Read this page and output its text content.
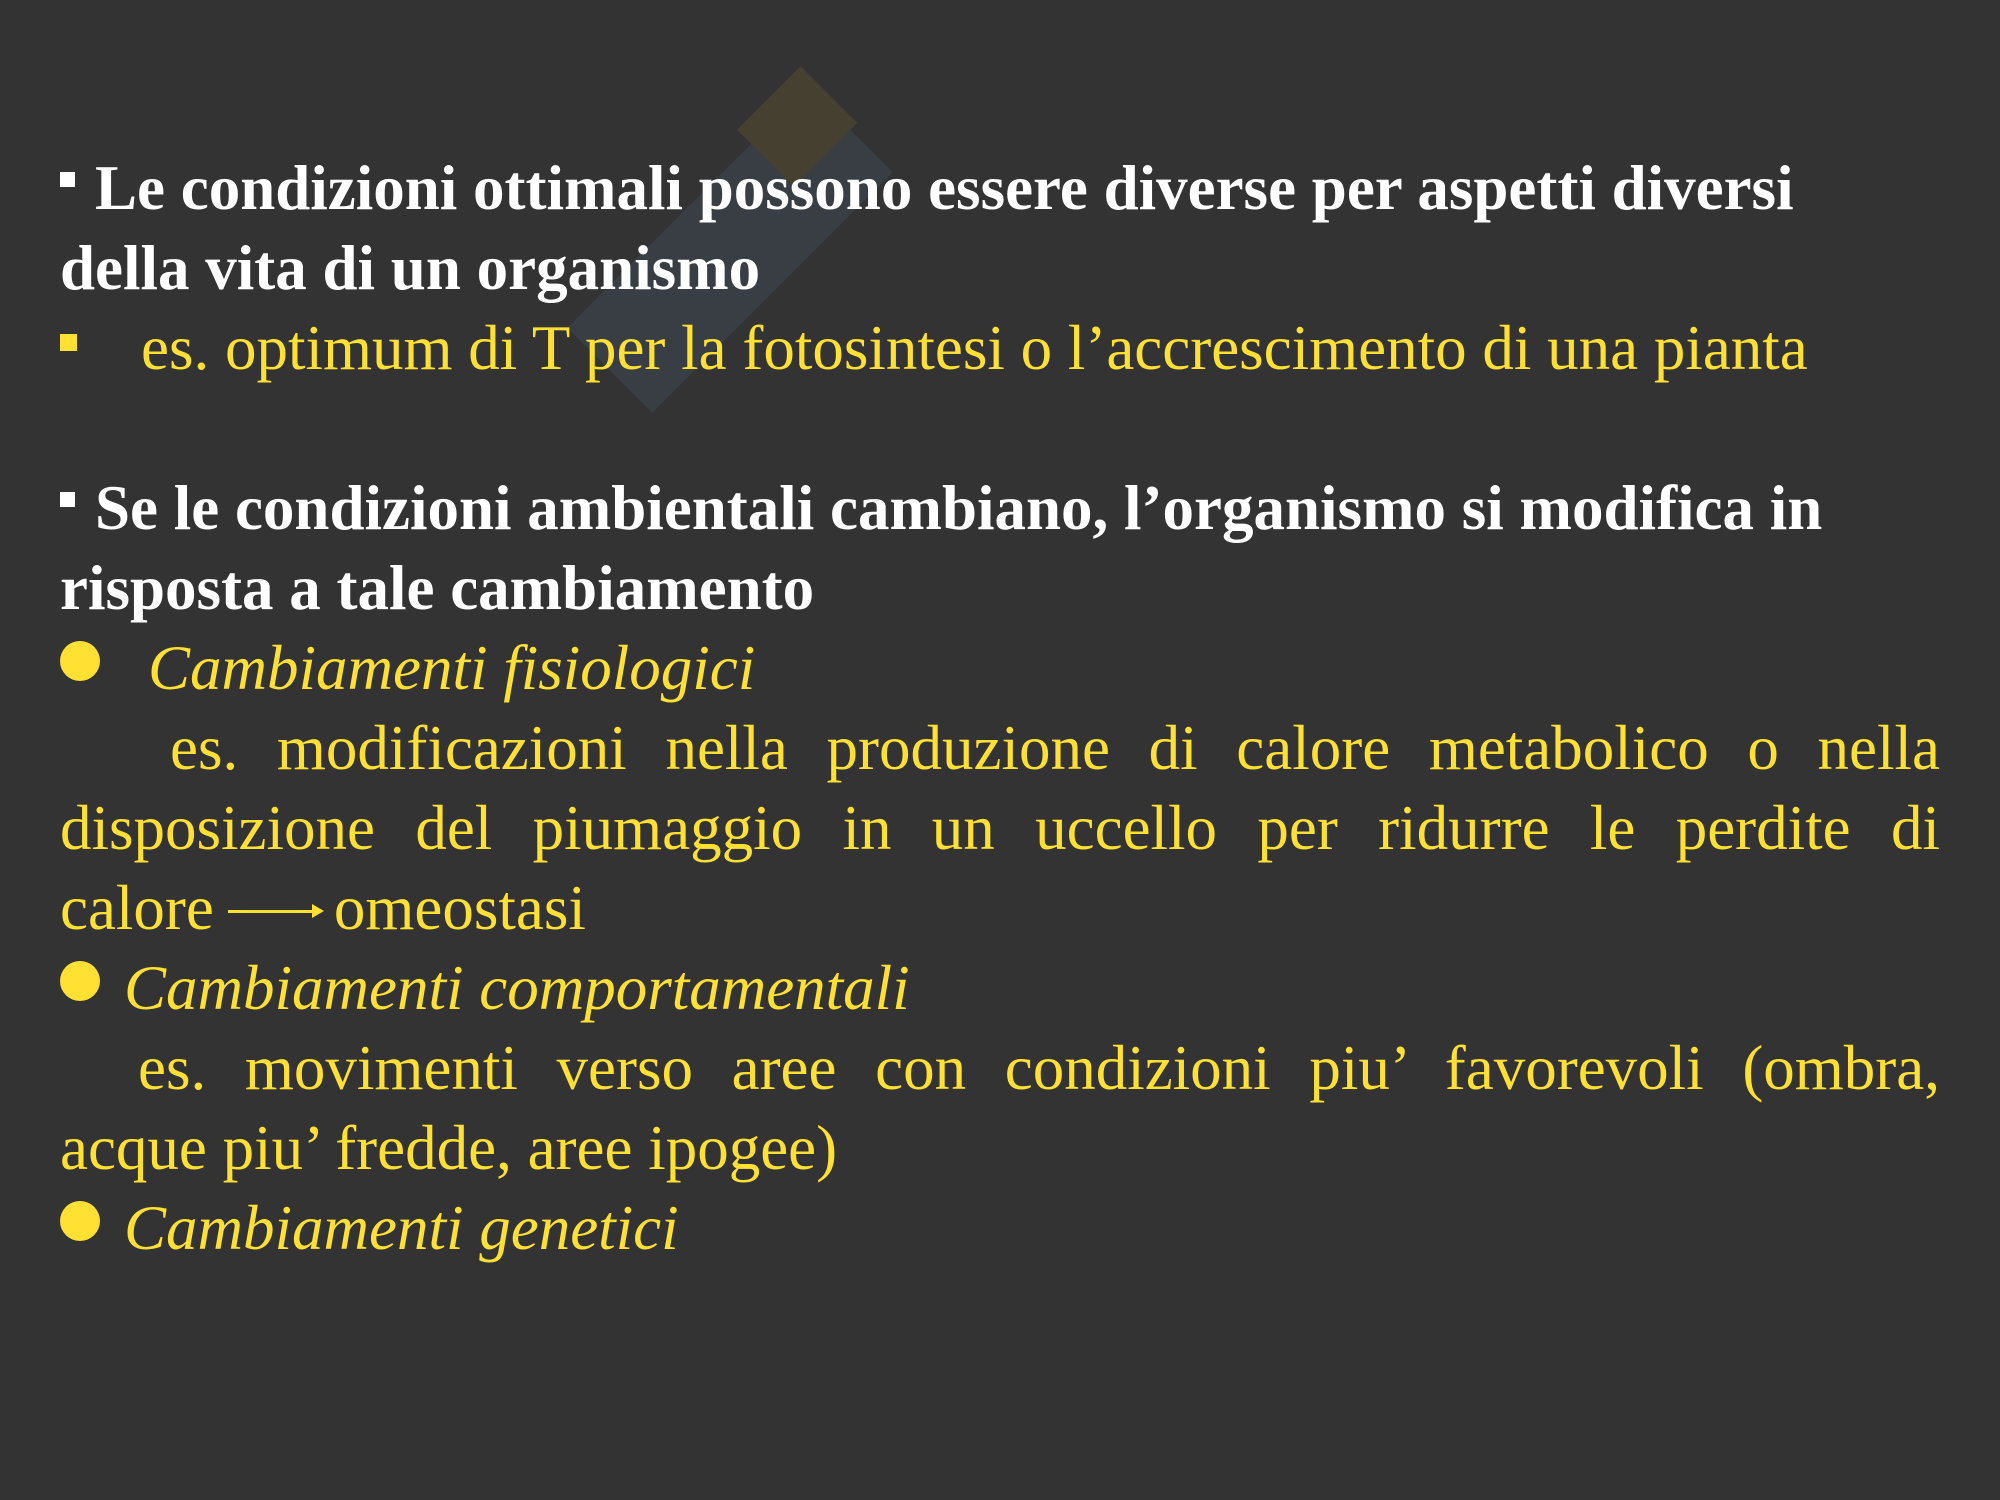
Le condizioni ottimali possono essere diverse per aspetti diversi
della vita di un organismo
es. optimum di T per la fotosintesi o l’accrescimento di una pianta
Se le condizioni ambientali cambiano, l’organismo si modifica in
risposta a tale cambiamento
Cambiamenti fisiologici
es. modificazioni nella produzione di calore metabolico o nella
disposizione del piumaggio in un uccello per ridurre le perdite di
calore omeostasi
Cambiamenti comportamentali
es. movimenti verso aree con condizioni piu’ favorevoli (ombra,
acque piu’ fredde, aree ipogee)
Cambiamenti genetici
